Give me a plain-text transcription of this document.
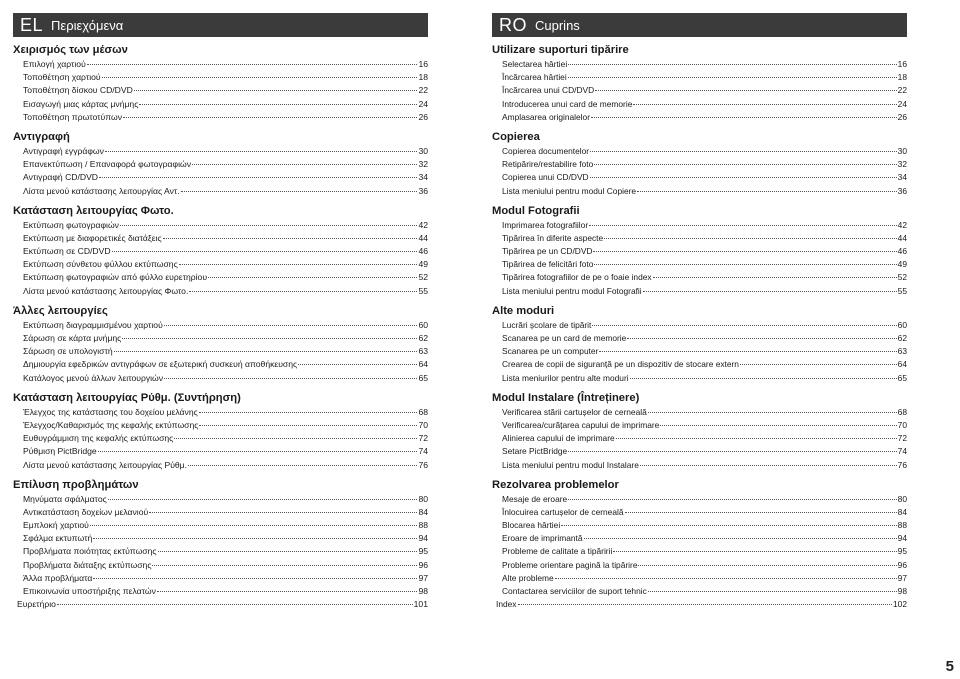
EL Περιεχόμενα
Χειρισμός των μέσων
Επιλογή χαρτιού	16
Τοποθέτηση χαρτιού	18
Τοποθέτηση δίσκου CD/DVD	22
Εισαγωγή μιας κάρτας μνήμης	24
Τοποθέτηση πρωτοτύπων	26
Αντιγραφή
Αντιγραφή εγγράφων	30
Επανεκτύπωση / Επαναφορά φωτογραφιών	32
Αντιγραφή CD/DVD	34
Λίστα μενού κατάστασης λειτουργίας Αντ.	36
Κατάσταση λειτουργίας Φωτο.
Εκτύπωση φωτογραφιών	42
Εκτύπωση με διαφορετικές διατάξεις	44
Εκτύπωση σε CD/DVD	46
Εκτύπωση σύνθετου φύλλου εκτύπωσης	49
Εκτύπωση φωτογραφιών από φύλλο ευρετηρίου	52
Λίστα μενού κατάστασης λειτουργίας Φωτο.	55
Άλλες λειτουργίες
Εκτύπωση διαγραμμισμένου χαρτιού	60
Σάρωση σε κάρτα μνήμης	62
Σάρωση σε υπολογιστή	63
Δημιουργία εφεδρικών αντιγράφων σε εξωτερική συσκευή αποθήκευσης	64
Κατάλογος μενού άλλων λειτουργιών	65
Κατάσταση λειτουργίας Ρύθμ. (Συντήρηση)
Έλεγχος της κατάστασης του δοχείου μελάνης	68
Έλεγχος/Καθαρισμός της κεφαλής εκτύπωσης	70
Ευθυγράμμιση της κεφαλής εκτύπωσης	72
Ρύθμιση PictBridge	74
Λίστα μενού κατάστασης λειτουργίας Ρύθμ.	76
Επίλυση προβλημάτων
Μηνύματα σφάλματος	80
Αντικατάσταση δοχείων μελανιού	84
Εμπλοκή χαρτιού	88
Σφάλμα εκτυπωτή	94
Προβλήματα ποιότητας εκτύπωσης	95
Προβλήματα διάταξης εκτύπωσης	96
Άλλα προβλήματα	97
Επικοινωνία υποστήριξης πελατών	98
Ευρετήριο	101
RO Cuprins
Utilizare suporturi tipărire
Selectarea hârtiei	16
Încărcarea hârtiei	18
Încărcarea unui CD/DVD	22
Introducerea unui card de memorie	24
Amplasarea originalelor	26
Copierea
Copierea documentelor	30
Retipărire/restabilire foto	32
Copierea unui CD/DVD	34
Lista meniului pentru modul Copiere	36
Modul Fotografii
Imprimarea fotografiilor	42
Tipărirea în diferite aspecte	44
Tipărirea pe un CD/DVD	46
Tipărirea de felicitări foto	49
Tipărirea fotografiilor de pe o foaie index	52
Lista meniului pentru modul Fotografii	55
Alte moduri
Lucrări școlare de tipărit	60
Scanarea pe un card de memorie	62
Scanarea pe un computer	63
Crearea de copii de siguranță pe un dispozitiv de stocare extern	64
Lista meniurilor pentru alte moduri	65
Modul Instalare (Întreținere)
Verificarea stării cartușelor de cerneală	68
Verificarea/curățarea capului de imprimare	70
Alinierea capului de imprimare	72
Setare PictBridge	74
Lista meniului pentru modul Instalare	76
Rezolvarea problemelor
Mesaje de eroare	80
Înlocuirea cartușelor de cerneală	84
Blocarea hârtiei	88
Eroare de imprimantă	94
Probleme de calitate a tipăririi	95
Probleme orientare pagină la tipărire	96
Alte probleme	97
Contactarea serviciilor de suport tehnic	98
Index	102
5
